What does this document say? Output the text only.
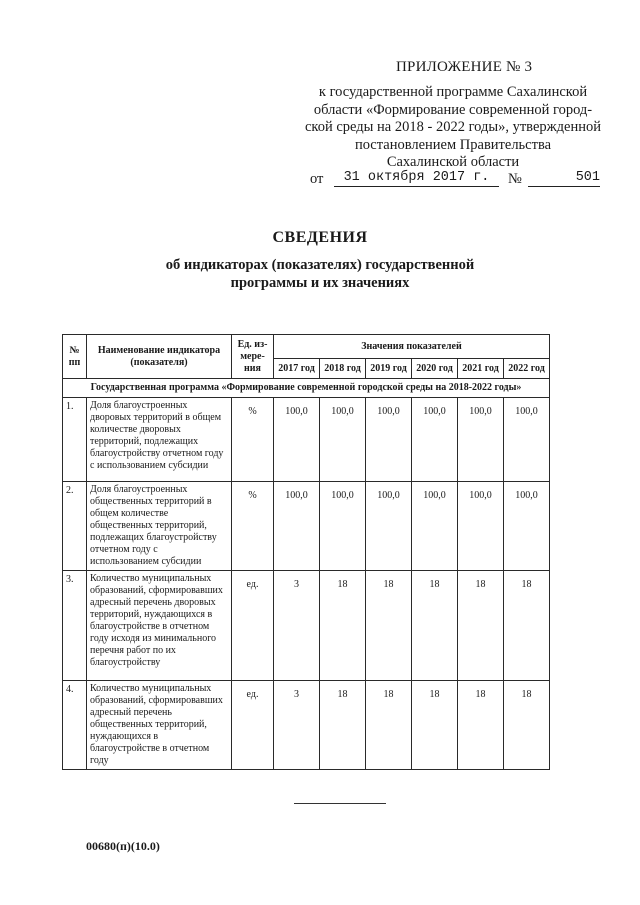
ПРИЛОЖЕНИЕ № 3
к государственной программе Сахалинской
области «Формирование современной город-
ской среды на 2018 - 2022 годы», утвержденной
постановлением Правительства
Сахалинской области
от	31 октября 2017 г.	№	501
СВЕДЕНИЯ
об индикаторах (показателях) государственной
программы и их значениях
№ пп	Наименование индикатора (показателя)	Ед. из-мере-ния	Значения показателей					
			2017 год	2018 год	2019 год	2020 год	2021 год	2022 год
Государственная программа «Формирование современной городской среды на 2018-2022 годы»								
1.	Доля благоустроенных дворовых территорий в общем количестве дворовых территорий, подлежащих благоустройству отчетном году с использованием субсидии	%	100,0	100,0	100,0	100,0	100,0	100,0
2.	Доля благоустроенных общественных территорий в общем количестве общественных территорий, подлежащих благоустройству отчетном году с использованием субсидии	%	100,0	100,0	100,0	100,0	100,0	100,0
3.	Количество муниципальных образований, сформировавших адресный перечень дворовых территорий, нуждающихся в благоустройстве в отчетном году исходя из минимального перечня работ по их благоустройству	ед.	3	18	18	18	18	18
4.	Количество муниципальных образований, сформировавших адресный перечень общественных территорий, нуждающихся в благоустройстве в отчетном году	ед.	3	18	18	18	18	18
00680(п)(10.0)
